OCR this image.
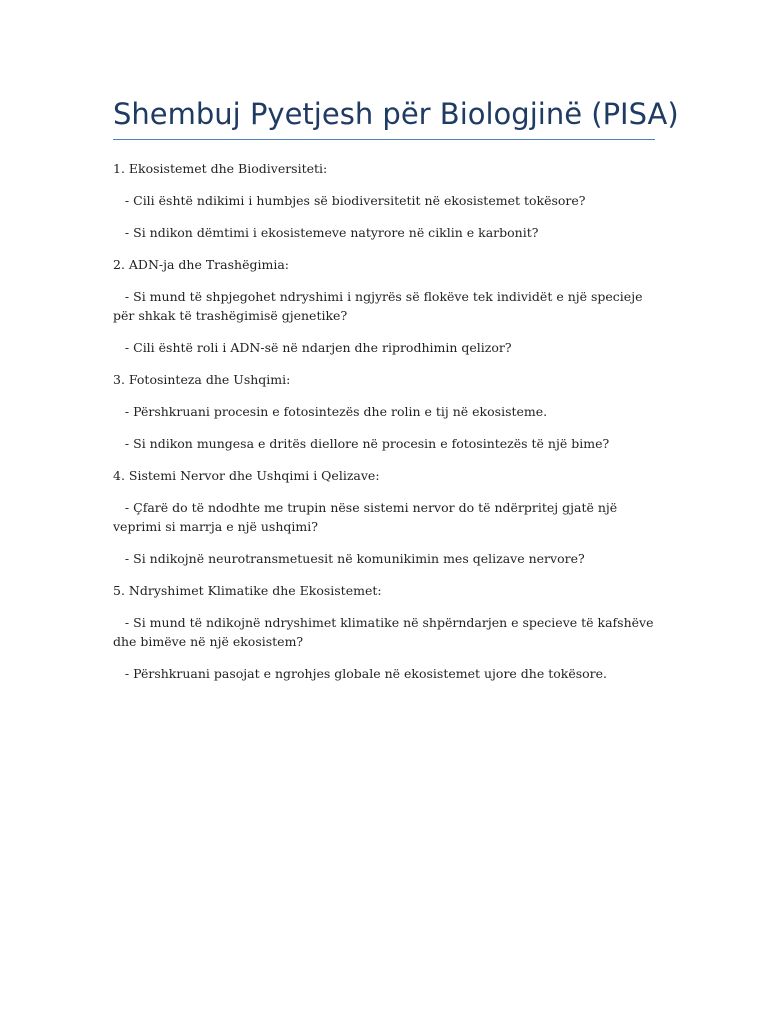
Shembuj Pyetjesh për Biologjinë (PISA)

1. Ekosistemet dhe Biodiversiteti:

- Cili është ndikimi i humbjes së biodiversitetit në ekosistemet tokësore?

- Si ndikon dëmtimi i ekosistemeve natyrore në ciklin e karbonit?

2. ADN-ja dhe Trashëgimia:

- Si mund të shpjegohet ndryshimi i ngjyrës së flokëve tek individët e një specieje për shkak të trashëgimisë gjenetike?

- Cili është roli i ADN-së në ndarjen dhe riprodhimin qelizor?

3. Fotosinteza dhe Ushqimi:

- Përshkruani procesin e fotosintezës dhe rolin e tij në ekosisteme.

- Si ndikon mungesa e dritës diellore në procesin e fotosintezës të një bime?

4. Sistemi Nervor dhe Ushqimi i Qelizave:

- Çfarë do të ndodhte me trupin nëse sistemi nervor do të ndërpritej gjatë një veprimi si marrja e një ushqimi?

- Si ndikojnë neurotransmetuesit në komunikimin mes qelizave nervore?

5. Ndryshimet Klimatike dhe Ekosistemet:

- Si mund të ndikojnë ndryshimet klimatike në shpërndarjen e specieve të kafshëve dhe bimëve në një ekosistem?

- Përshkruani pasojat e ngrohjes globale në ekosistemet ujore dhe tokësore.
